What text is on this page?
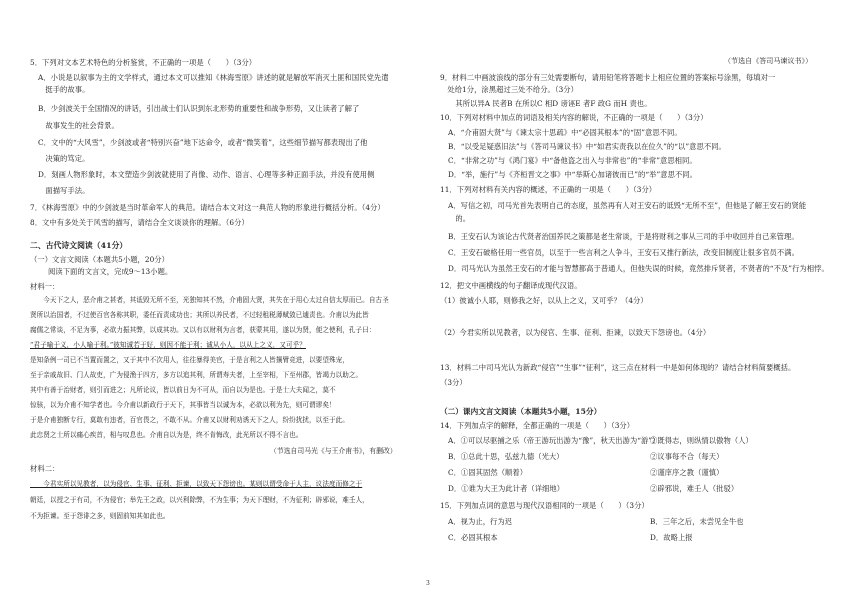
（节选自《答司马谏议书》）
5．下列对文本艺术特色的分析鉴赏，不正确的一项是（　　）（3分）
A．小说是以叙事为主的文学样式，通过本文可以推知《林海雪原》讲述的就是解放军消灭土匪和国民党先遣
　挺手的故事。
B．少剑波关于全国情况的讲话，引出战士们认识到东北形势的重要性和战争形势，又让读者了解了
　故事发生的社会背景。
C．文中的“大风雪”，少剑波或者“特别兴奋”地下达命令，或者“微笑着”，这些细节描写都表现出了他
　决策的笃定。
D．刻画人物形象时，本文塑造少剑波就使用了肖像、动作、语言、心理等多种正面手法，并没有使用侧
　面描写手法。
7．《林海雪原》中的少剑波是当时革命军人的典范。请结合本文对这一典范人物的形象进行概括分析。（4分）
8．文中有多处关于风雪的描写，请结合全文谈谈你的理解。（6分）
二、古代诗文阅读（41分）
（一）文言文阅读（本题共5小题，20分）
阅读下面的文言文，完成9～13小题。
材料一：
　　今天下之人，恶介甫之甚者，其诋毁无所不至，光独知其不然，介甫固大贤，其失在于用心太过自信太厚而已。自古圣
贤所以治国者，不过使百官各称其职，委任而责成功也；其所以养民者，不过轻租税薄赋敛已逋责也。介甫以为此皆
腐儒之常谈，不足为事，必欲力振其弊，以成其功。又以有以财利为言者，获蒙其用，遂以为贤，便之使利，孔子曰：
“君子喻于义，小人喻于利。”彼知诚若于好，则因不能于利；诚从小人，以从上之义，又可乎？
是知条例一司已不当置而置之，又于其中不次用人，往往暴得美官，于是言利之人皆攘臂竞进，以要望殊宠，
至于亲戚故旧、门人故吏，广为侵渔于四方，多方以追其利，所谓寿夫者，上至宰相，下至州郡，皆竭力以助之。
其中有善于治财者，则引而进之；凡所论议，皆以前日为不可从，而自以为是也。于是士大夫闻之，莫不
惊骇，以为介甫不知学者也。今介甫以新政行于天下，其事皆当以诚为本，必欲以利为先，则可谓谬矣！
于是介甫独断专行，莫敢有违者，百官畏之，不敢不从。介甫又以财利劝诱天下之人，纷纷扰扰，以至于此。
此忠贤之士所以痛心疾首，相与叹息也。介甫自以为是，终不肯悔改，此光所以不得不言也。
（节选自司马光《与王介甫书》，有删改）
材料二：
　　今君实所以见教者，以为侵官、生事、征利、拒谏，以致天下怨谤也。某则以谓受命于人主，议法度而修之于
朝廷，以授之于有司，不为侵官；举先王之政，以兴利除弊，不为生事；为天下理财，不为征利；辟邪说，难壬人，
不为拒谏。至于怨诽之多，则固前知其如此也。
3
9．材料二中画波浪线的部分有三处需要断句，请用铅笔将答题卡上相应位置的答案标号涂黑，每填对一
　处给1分，涂黑超过三处不给分。（3分）
　其所以异A 民者B 在所以C 相D 谤诬E 者F 政G 而H 责也。
10．下列对材料中加点的词语及相关内容的解说，不正确的一项是（　　）（3分）
A．“介甫固大贤”与《谏太宗十思疏》中“必固其根本”的“固”意思不同。
B．“以受足疑惑旧法”与《答司马谏议书》中“如君实责我以在位久”的“以”意思不同。
C．“非常之功”与《鸿门宴》中“备他盗之出入与非常也”的“非常”意思相同。
D．“举，施行”与《齐桓晋文之事》中“举斯心加诸彼而已”的“举”意思不同。
11．下列对材料有关内容的概述，不正确的一项是（　　）（3分）
A．写信之初，司马光首先表明自己的态度，虽然再有人对王安石的诋毁“无所不至”，但他是了解王安石的贤能
　的。
B．王安石认为该论古代贤者治国养民之策都是老生常谈，于是将财利之事从三司的手中收回并自己来管理。
C．王安石破格任用一些官员，以至于一些言利之人争斗，王安石又推行新法，改变旧制度让很多官员不满。
D．司马光认为虽然王安石的才能与智慧都高于普通人，但他失误的时候，竟然排斥贤者，不贤者的“不及”行为相悖。
12．把文中画横线的句子翻译成现代汉语。
（1）彼诚小人耶，则修我之好，以从上之义，又可乎？（4分）
（2）今君实所以见教者，以为侵官、生事、征利、拒谏，以致天下怨谤也。（4分）
13．材料二中司马光认为新政“侵官”“生事”“征利”，这三点在材料一中是如何体现的？请结合材料简要概括。
（3分）
（二）课内文言文阅读（本题共5小题，15分）
14．下列加点字的解释，全都正确的一项是（　　）（3分）
A．①可以尽驱捕之乐（帝王游玩出游为“豫”，秋天出游为“游”）
②既得志，则纵情以傲物（人）
B．①总此十思，弘兹九德（光大）	②议事每不合（每天）
C．①固其固然（顺着）	②谨庠序之教（谨慎）
D．①谁为大王为此计者（详细地）	②辟邪说，难壬人（批驳）
15．下列加点词的意思与现代汉语相同的一项是（　　）（3分）
A．视为止，行为迟	B．三年之后，未尝见全牛也
C．必固其根本	D．故略上报
